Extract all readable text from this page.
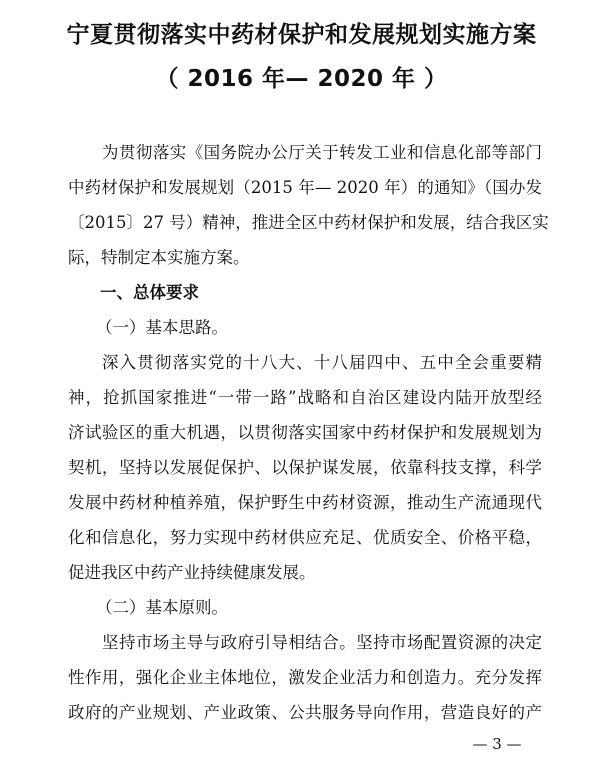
宁夏贯彻落实中药材保护和发展规划实施方案
（ 2016 年— 2020 年 ）
为贯彻落实《国务院办公厅关于转发工业和信息化部等部门
中药材保护和发展规划（2015 年— 2020 年）的通知》（国办发
〔2015〕27 号）精神，推进全区中药材保护和发展，结合我区实
际，特制定本实施方案。
一、总体要求
（一）基本思路。
深入贯彻落实党的十八大、十八届四中、五中全会重要精
神，抢抓国家推进“一带一路”战略和自治区建设内陆开放型经
济试验区的重大机遇，以贯彻落实国家中药材保护和发展规划为
契机，坚持以发展促保护、以保护谋发展，依靠科技支撑，科学
发展中药材种植养殖，保护野生中药材资源，推动生产流通现代
化和信息化，努力实现中药材供应充足、优质安全、价格平稳，
促进我区中药产业持续健康发展。
（二）基本原则。
坚持市场主导与政府引导相结合。坚持市场配置资源的决定
性作用，强化企业主体地位，激发企业活力和创造力。充分发挥
政府的产业规划、产业政策、公共服务导向作用，营造良好的产
— 3 —
